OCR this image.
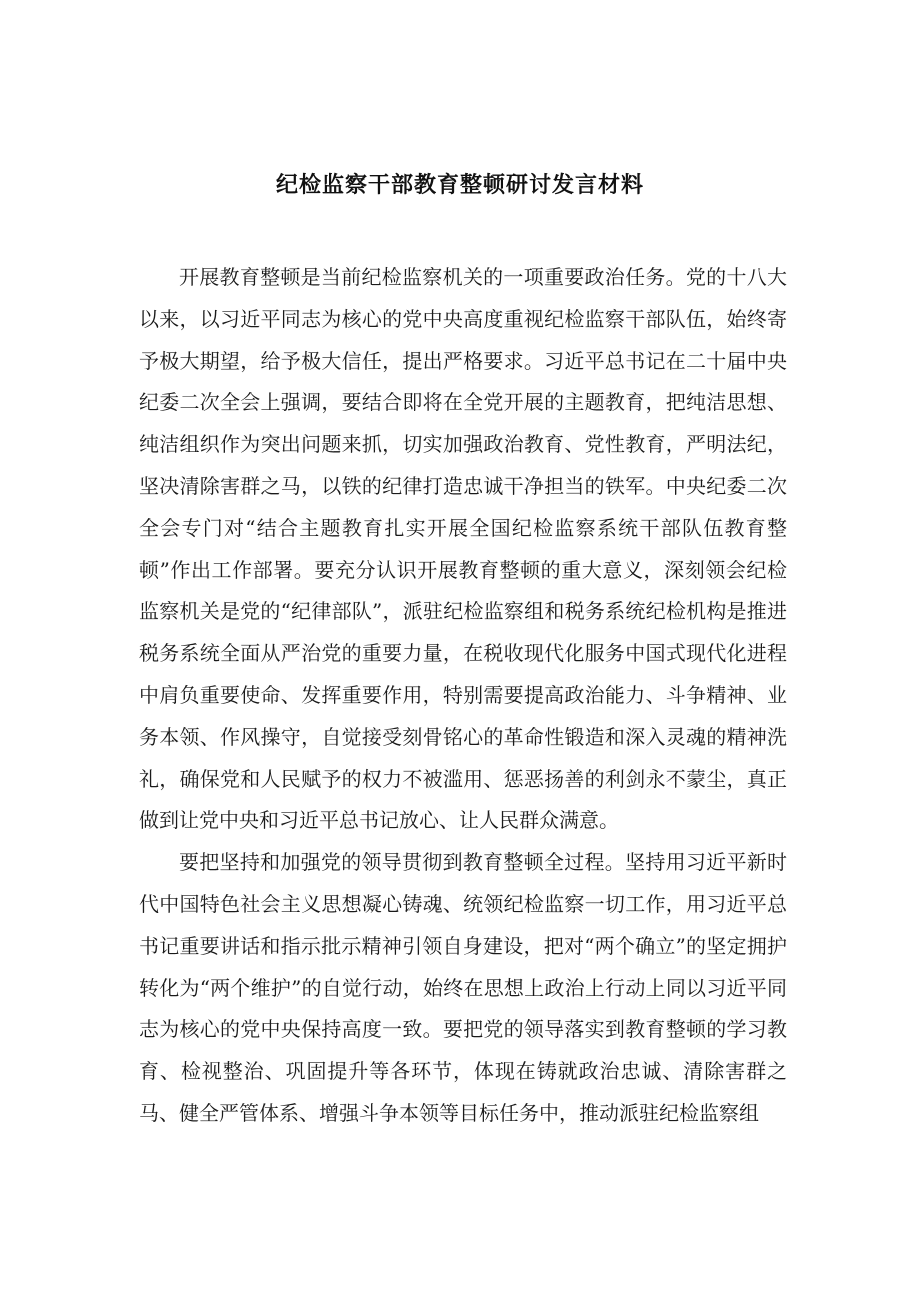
纪检监察干部教育整顿研讨发言材料

开展教育整顿是当前纪检监察机关的一项重要政治任务。党的十八大以来，以习近平同志为核心的党中央高度重视纪检监察干部队伍，始终寄予极大期望，给予极大信任，提出严格要求。习近平总书记在二十届中央纪委二次全会上强调，要结合即将在全党开展的主题教育，把纯洁思想、纯洁组织作为突出问题来抓，切实加强政治教育、党性教育，严明法纪，坚决清除害群之马，以铁的纪律打造忠诚干净担当的铁军。中央纪委二次全会专门对“结合主题教育扎实开展全国纪检监察系统干部队伍教育整顿”作出工作部署。要充分认识开展教育整顿的重大意义，深刻领会纪检监察机关是党的“纪律部队”，派驻纪检监察组和税务系统纪检机构是推进税务系统全面从严治党的重要力量，在税收现代化服务中国式现代化进程中肩负重要使命、发挥重要作用，特别需要提高政治能力、斗争精神、业务本领、作风操守，自觉接受刻骨铭心的革命性锻造和深入灵魂的精神洗礼，确保党和人民赋予的权力不被滥用、惩恶扬善的利剑永不蒙尘，真正做到让党中央和习近平总书记放心、让人民群众满意。

要把坚持和加强党的领导贯彻到教育整顿全过程。坚持用习近平新时代中国特色社会主义思想凝心铸魂、统领纪检监察一切工作，用习近平总书记重要讲话和指示批示精神引领自身建设，把对“两个确立”的坚定拥护转化为“两个维护”的自觉行动，始终在思想上政治上行动上同以习近平同志为核心的党中央保持高度一致。要把党的领导落实到教育整顿的学习教育、检视整治、巩固提升等各环节，体现在铸就政治忠诚、清除害群之马、健全严管体系、增强斗争本领等目标任务中，推动派驻纪检监察组
